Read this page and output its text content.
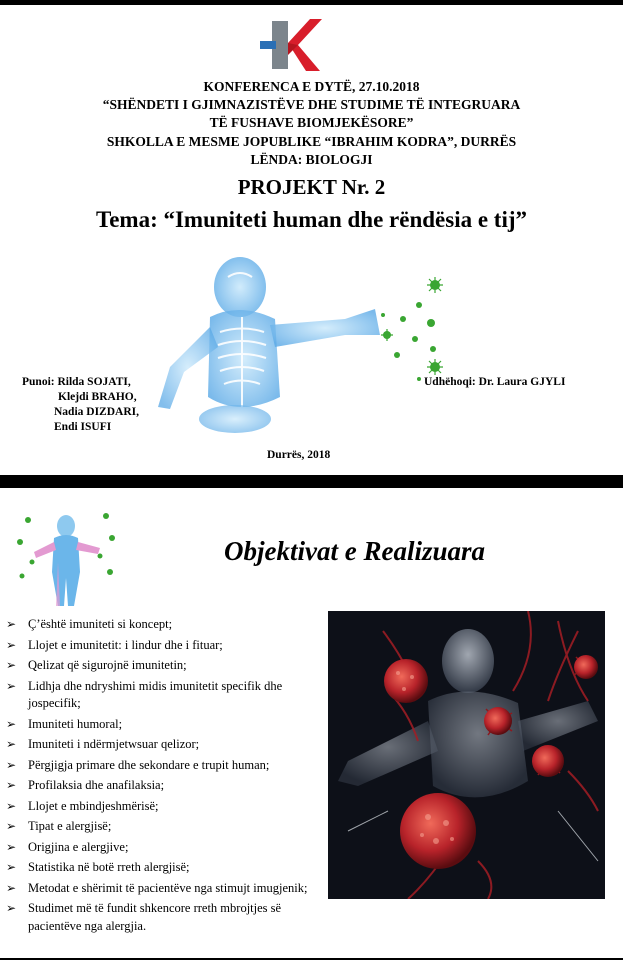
KONFERENCA E DYTË, 27.10.2018
“SHËNDETI I GJIMNAZISTËVE DHE STUDIME TË INTEGRUARA
TË FUSHAVE BIOMJEKËSORE”
SHKOLLA E MESME JOPUBLIKE “IBRAHIM KODRA”, DURRËS
LËNDA: BIOLOGJI
PROJEKT Nr. 2
Tema: “Imuniteti human dhe rëndësia e tij”
Punoi: Rilda SOJATI,
Klejdi BRAHO,
Nadia DIZDARI,
Endi ISUFI
Udhëhoqi: Dr. Laura GJYLI
Durrës, 2018
Objektivat e Realizuara
➢ Ç’është imuniteti si koncept;
➢ Llojet e imunitetit: i lindur dhe i fituar;
➢ Qelizat që sigurojnë imunitetin;
➢ Lidhja dhe ndryshimi midis imunitetit specifik dhe jospecifik;
➢ Imuniteti humoral;
➢ Imuniteti i ndërmjetwsuar qelizor;
➢ Përgjigja primare dhe sekondare e trupit human;
➢ Profilaksia dhe anafilaksia;
➢ Llojet e mbindjeshmërisë;
➢ Tipat e alergjisë;
➢ Origjina e alergjive;
➢ Statistika në botë rreth alergjisë;
➢ Metodat e shërimit të pacientëve nga stimujt imugjenik;
➢ Studimet më të fundit shkencore rreth mbrojtjes së pacientëve nga alergjia.
